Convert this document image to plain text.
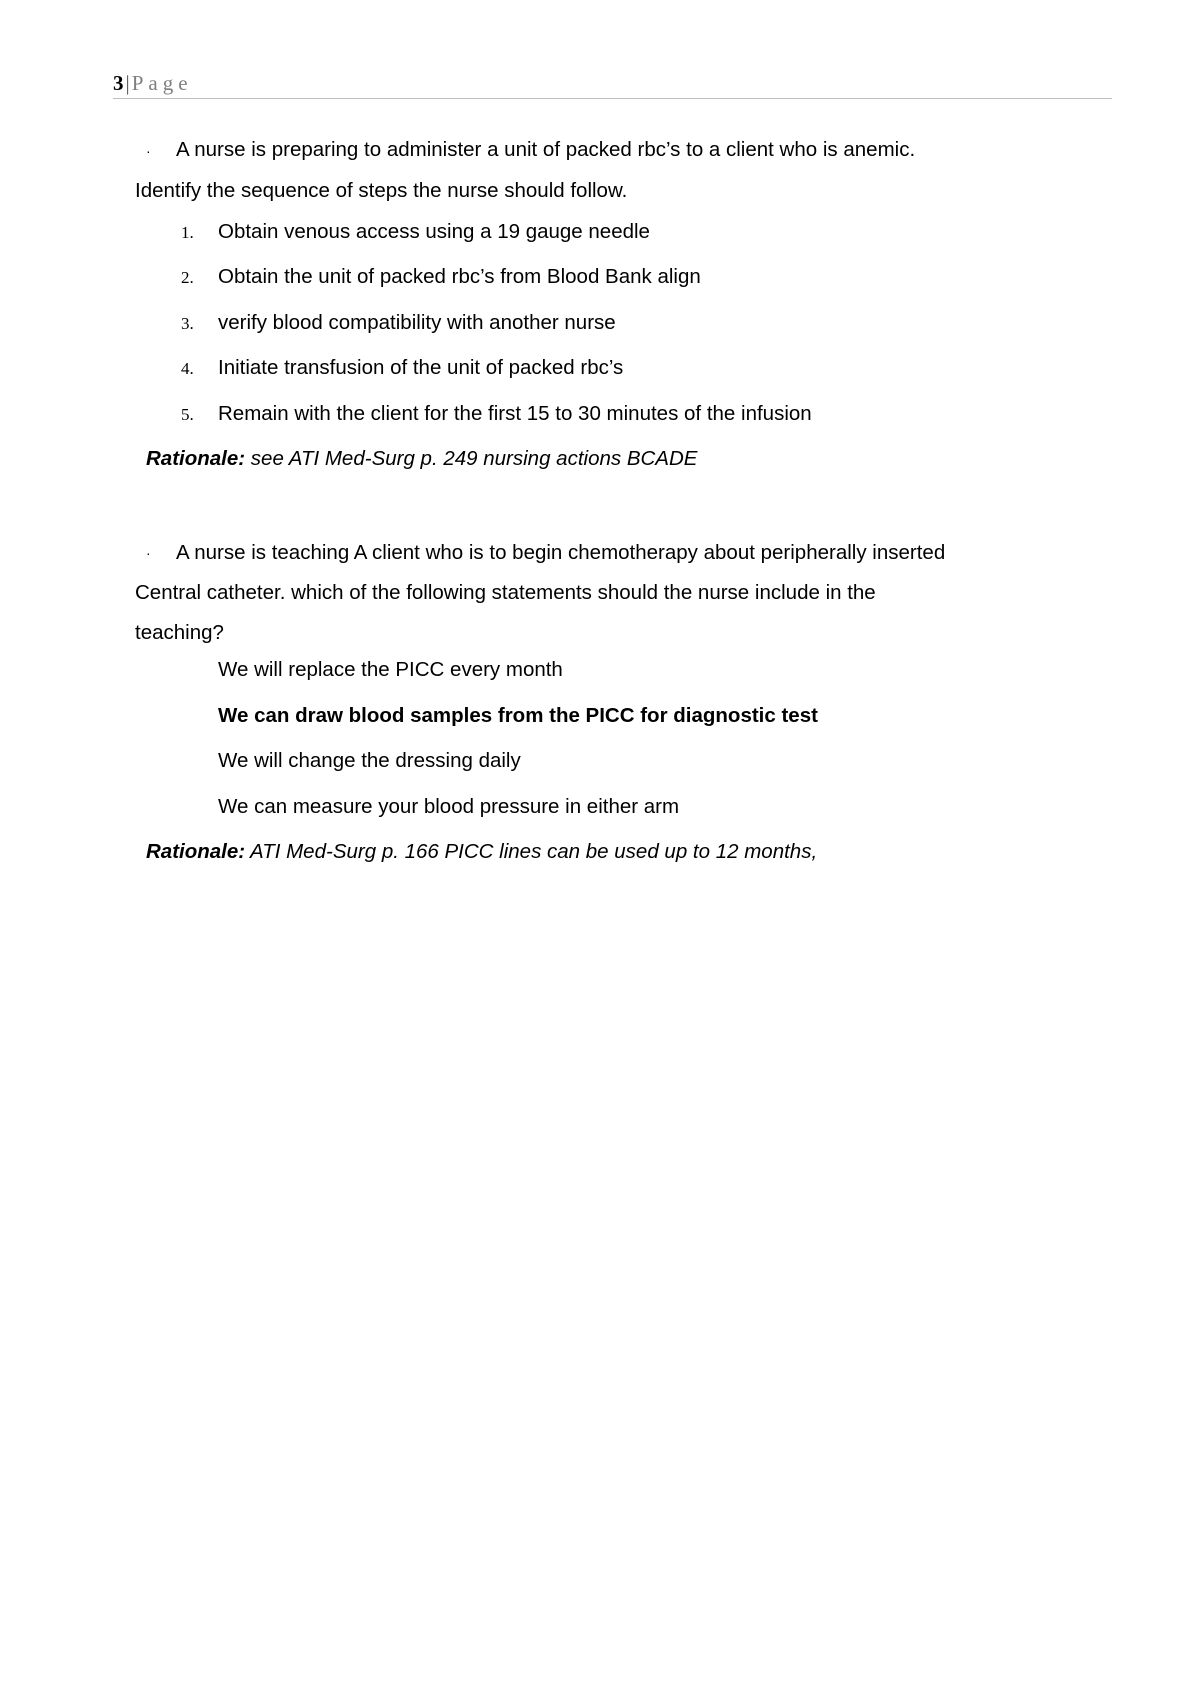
3|Page

· A nurse is preparing to administer a unit of packed rbc’s to a client who is anemic.
Identify the sequence of steps the nurse should follow.

1.	Obtain venous access using a 19 gauge needle
2.	Obtain the unit of packed rbc’s from Blood Bank align
3.	verify blood compatibility with another nurse
4.	Initiate transfusion of the unit of packed rbc’s
5.	Remain with the client for the first 15 to 30 minutes of the infusion

Rationale: see ATI Med-Surg p. 249 nursing actions BCADE

· A nurse is teaching A client who is to begin chemotherapy about peripherally inserted
Central catheter. which of the following statements should the nurse include in the
teaching?

We will replace the PICC every month
We can draw blood samples from the PICC for diagnostic test
We will change the dressing daily
We can measure your blood pressure in either arm

Rationale: ATI Med-Surg p. 166 PICC lines can be used up to 12 months,
